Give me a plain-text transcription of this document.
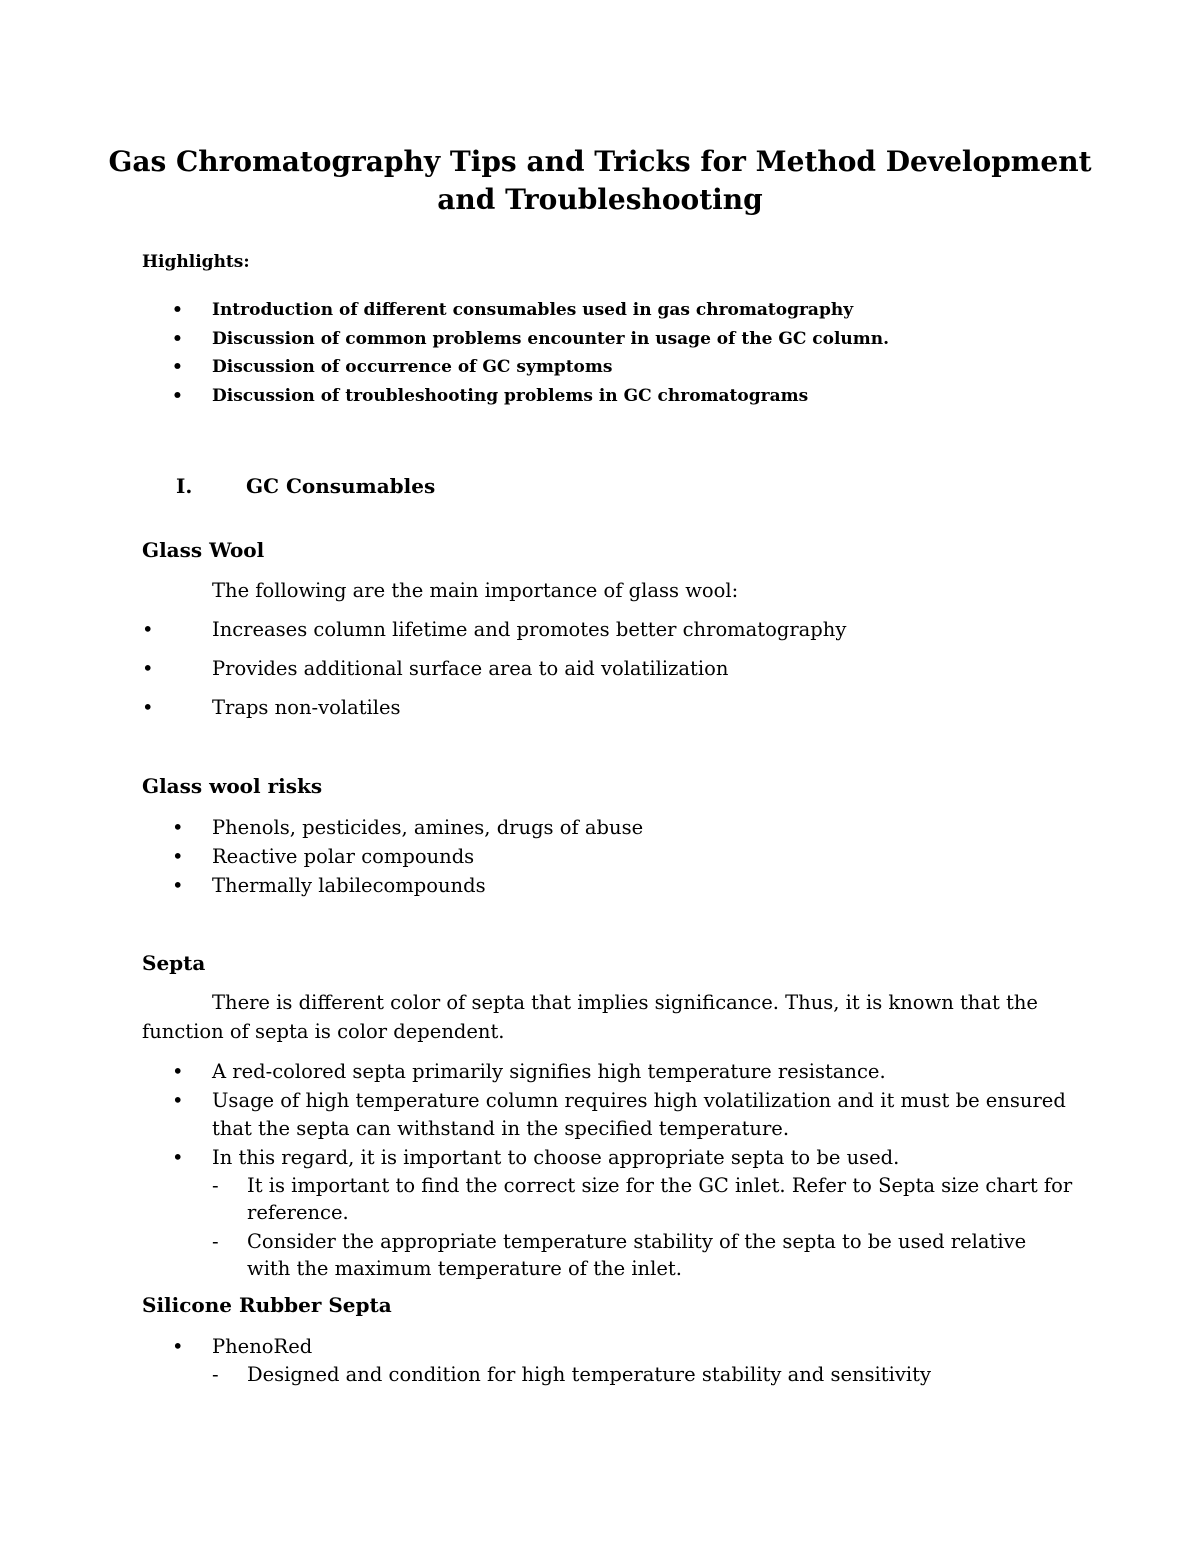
Gas Chromatography Tips and Tricks for Method Development
and Troubleshooting

Highlights:

• Introduction of different consumables used in gas chromatography
• Discussion of common problems encounter in usage of the GC column.
• Discussion of occurrence of GC symptoms
• Discussion of troubleshooting problems in GC chromatograms

I.	GC Consumables

Glass Wool

The following are the main importance of glass wool:

•	Increases column lifetime and promotes better chromatography
•	Provides additional surface area to aid volatilization
•	Traps non-volatiles

Glass wool risks

• Phenols, pesticides, amines, drugs of abuse
• Reactive polar compounds
• Thermally labilecompounds

Septa

There is different color of septa that implies significance. Thus, it is known that the
function of septa is color dependent.
• A red-colored septa primarily signifies high temperature resistance.
• Usage of high temperature column requires high volatilization and it must be ensured
that the septa can withstand in the specified temperature.
• In this regard, it is important to choose appropriate septa to be used.
- It is important to find the correct size for the GC inlet. Refer to Septa size chart for
reference.
- Consider the appropriate temperature stability of the septa to be used relative
with the maximum temperature of the inlet.

Silicone Rubber Septa

• PhenoRed
- Designed and condition for high temperature stability and sensitivity
